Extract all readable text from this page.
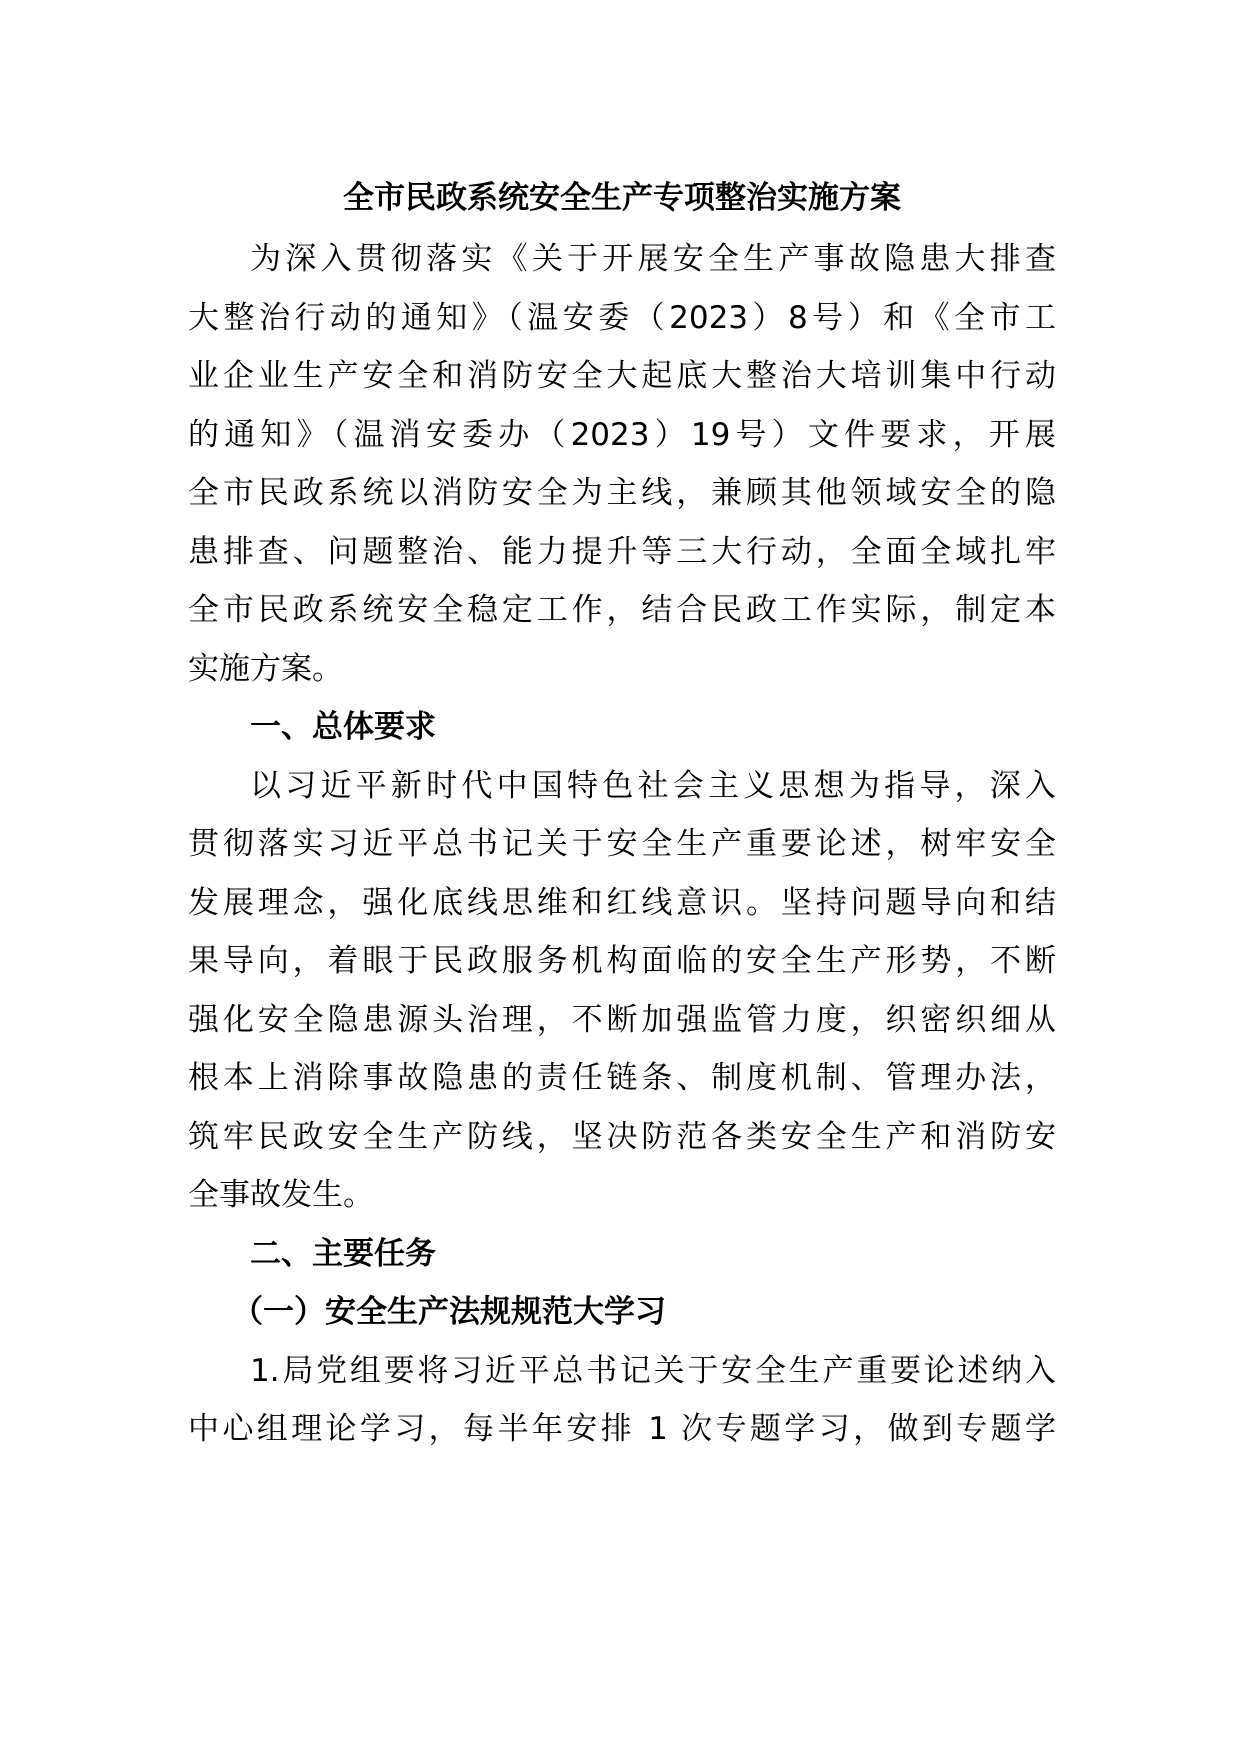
全市民政系统安全生产专项整治实施方案
为深入贯彻落实《关于开展安全生产事故隐患大排查
大整治行动的通知》（温安委（2023）8号）和《全市工
业企业生产安全和消防安全大起底大整治大培训集中行动
的通知》（温消安委办（2023）19号）文件要求，开展
全市民政系统以消防安全为主线，兼顾其他领域安全的隐
患排查、问题整治、能力提升等三大行动，全面全域扎牢
全市民政系统安全稳定工作，结合民政工作实际，制定本
实施方案。
一、总体要求
以习近平新时代中国特色社会主义思想为指导，深入
贯彻落实习近平总书记关于安全生产重要论述，树牢安全
发展理念，强化底线思维和红线意识。坚持问题导向和结
果导向，着眼于民政服务机构面临的安全生产形势，不断
强化安全隐患源头治理，不断加强监管力度，织密织细从
根本上消除事故隐患的责任链条、制度机制、管理办法，
筑牢民政安全生产防线，坚决防范各类安全生产和消防安
全事故发生。
二、主要任务
（一）安全生产法规规范大学习
1.局党组要将习近平总书记关于安全生产重要论述纳入
中心组理论学习，每半年安排 1 次专题学习，做到专题学
